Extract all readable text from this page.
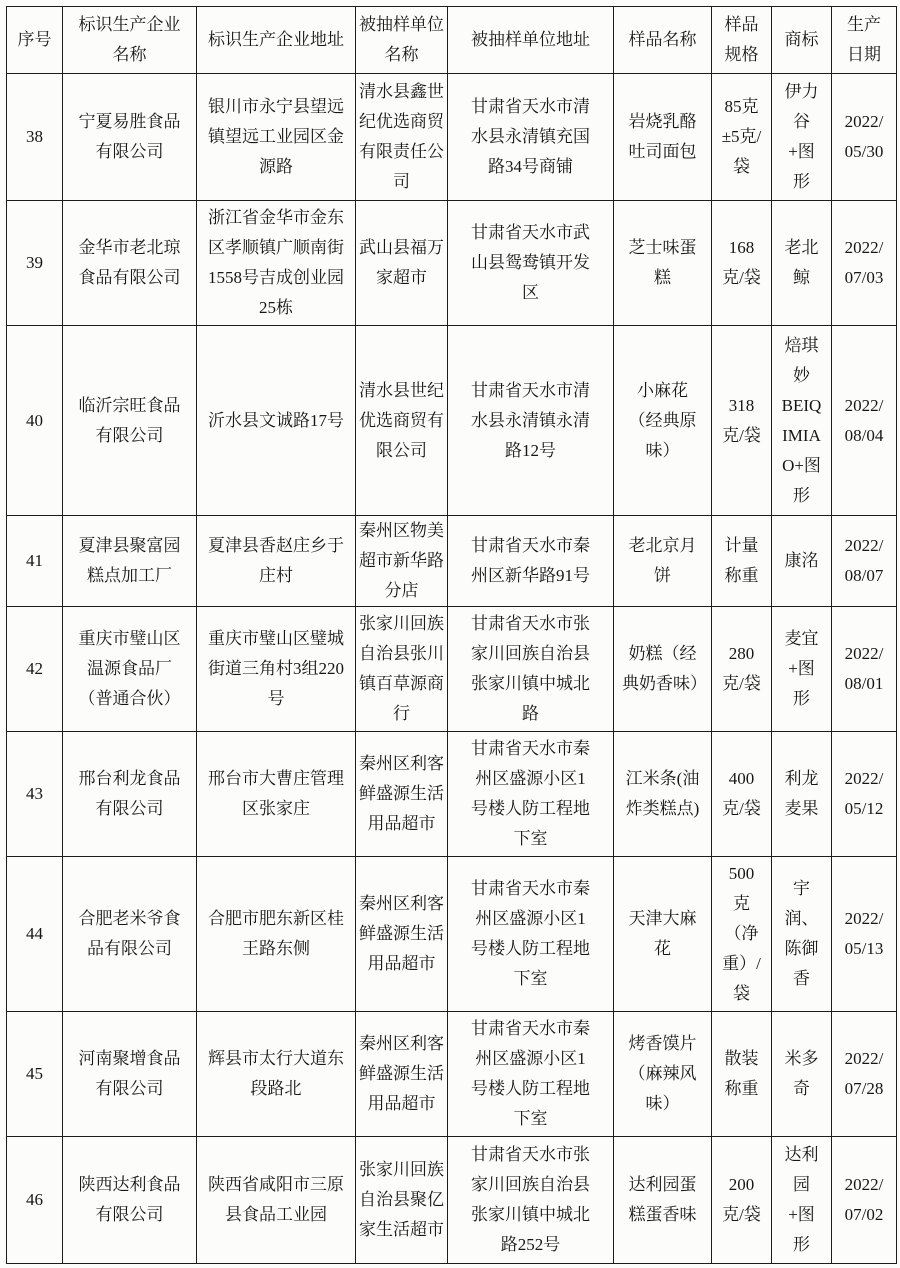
序号	标识生产企业名称	标识生产企业地址	被抽样单位名称	被抽样单位地址	样品名称	样品规格	商标	生产日期
38	宁夏易胜食品有限公司	银川市永宁县望远镇望远工业园区金源路	清水县鑫世纪优选商贸有限责任公司	甘肃省天水市清水县永清镇充国路34号商铺	岩烧乳酪吐司面包	85克±5克/袋	伊力谷+图形	2022/05/30
39	金华市老北琼食品有限公司	浙江省金华市金东区孝顺镇广顺南街1558号吉成创业园25栋	武山县福万家超市	甘肃省天水市武山县鸳鸯镇开发区	芝士味蛋糕	168克/袋	老北鲸	2022/07/03
40	临沂宗旺食品有限公司	沂水县文诚路17号	清水县世纪优选商贸有限公司	甘肃省天水市清水县永清镇永清路12号	小麻花（经典原味）	318克/袋	焙琪妙BEIQIMIAO+图形	2022/08/04
41	夏津县聚富园糕点加工厂	夏津县香赵庄乡于庄村	秦州区物美超市新华路分店	甘肃省天水市秦州区新华路91号	老北京月饼	计量称重	康洺	2022/08/07
42	重庆市璧山区温源食品厂（普通合伙）	重庆市璧山区璧城街道三角村3组220号	张家川回族自治县张川镇百草源商行	甘肃省天水市张家川回族自治县张家川镇中城北路	奶糕（经典奶香味）	280克/袋	麦宜+图形	2022/08/01
43	邢台利龙食品有限公司	邢台市大曹庄管理区张家庄	秦州区利客鲜盛源生活用品超市	甘肃省天水市秦州区盛源小区1号楼人防工程地下室	江米条(油炸类糕点)	400克/袋	利龙麦果	2022/05/12
44	合肥老米爷食品有限公司	合肥市肥东新区桂王路东侧	秦州区利客鲜盛源生活用品超市	甘肃省天水市秦州区盛源小区1号楼人防工程地下室	天津大麻花	500克（净重）/袋	宇润、陈御香	2022/05/13
45	河南聚增食品有限公司	辉县市太行大道东段路北	秦州区利客鲜盛源生活用品超市	甘肃省天水市秦州区盛源小区1号楼人防工程地下室	烤香馍片（麻辣风味）	散装称重	米多奇	2022/07/28
46	陕西达利食品有限公司	陕西省咸阳市三原县食品工业园	张家川回族自治县聚亿家生活超市	甘肃省天水市张家川回族自治县张家川镇中城北路252号	达利园蛋糕蛋香味	200克/袋	达利园+图形	2022/07/02
